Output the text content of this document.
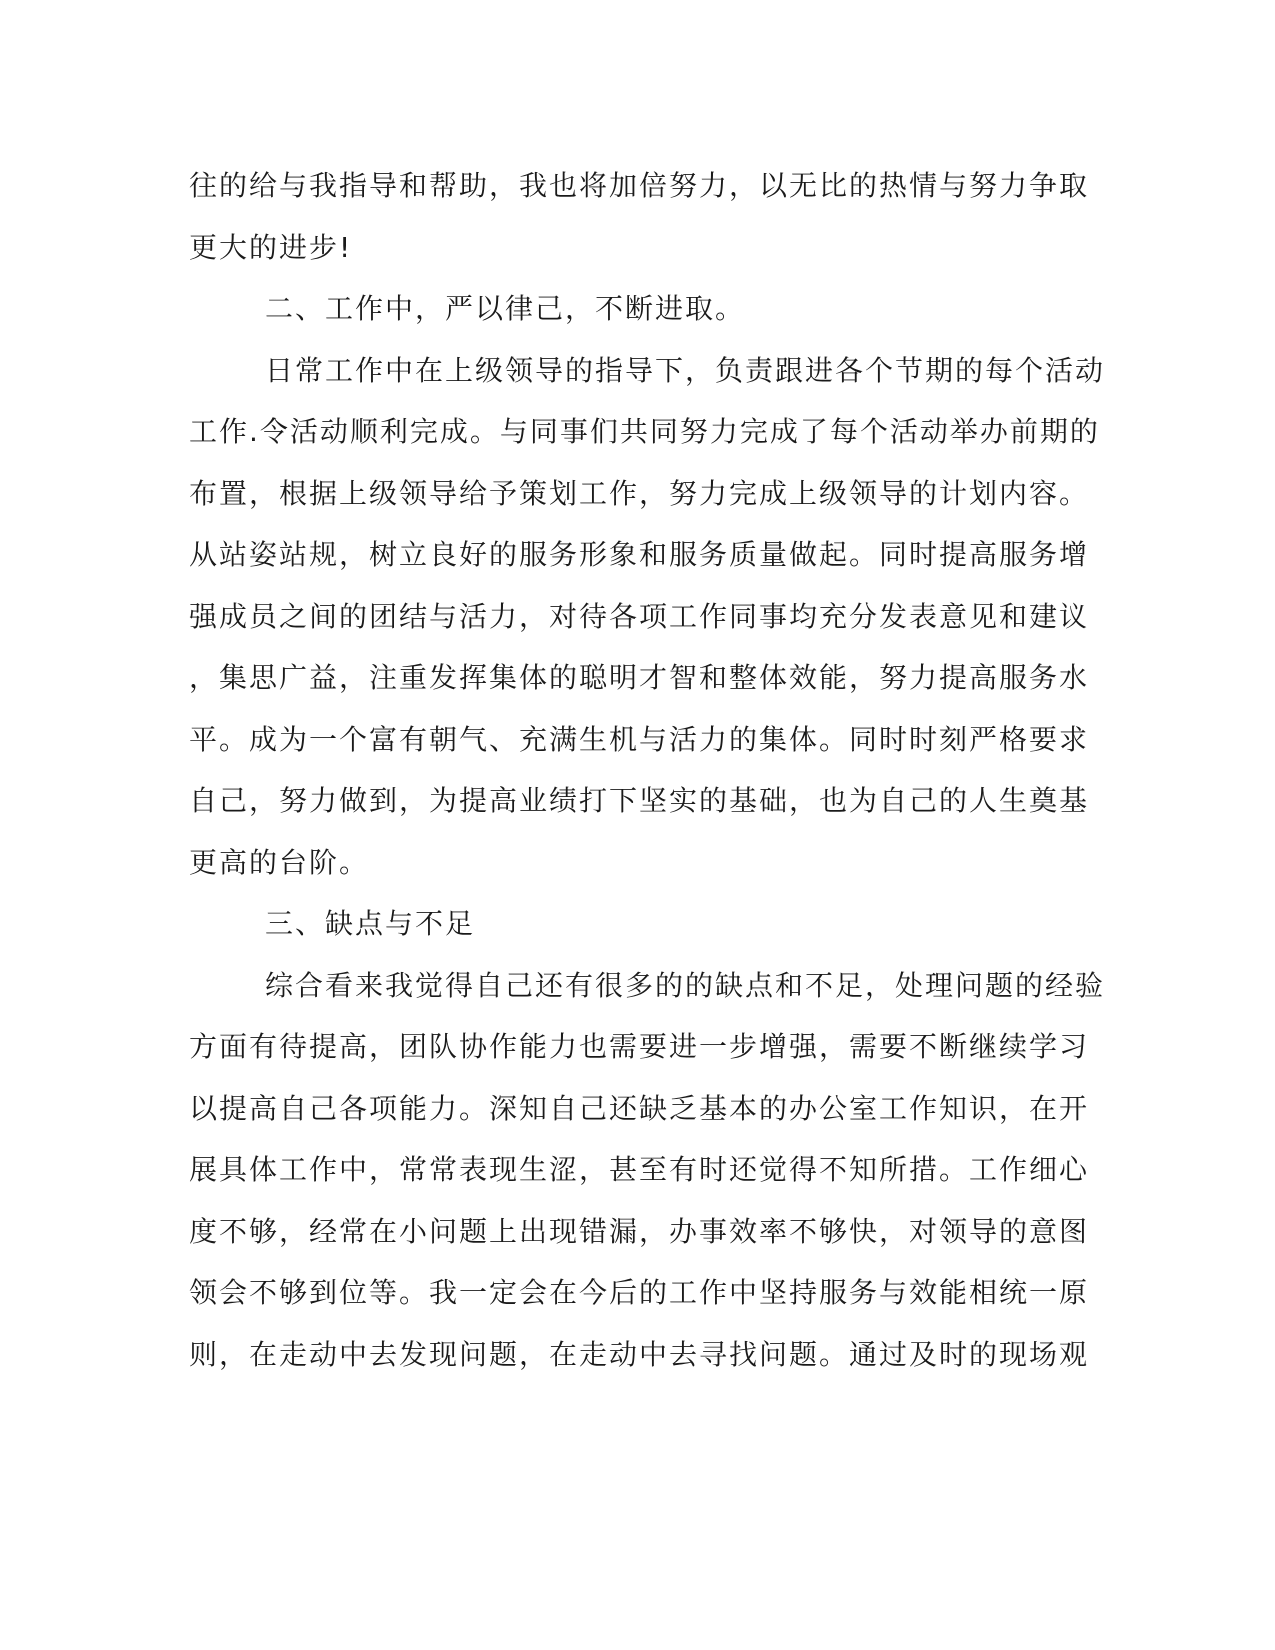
往的给与我指导和帮助，我也将加倍努力，以无比的热情与努力争取
更大的进步!
二、工作中，严以律己，不断进取。
日常工作中在上级领导的指导下，负责跟进各个节期的每个活动
工作.令活动顺利完成。与同事们共同努力完成了每个活动举办前期的
布置，根据上级领导给予策划工作，努力完成上级领导的计划内容。
从站姿站规，树立良好的服务形象和服务质量做起。同时提高服务增
强成员之间的团结与活力，对待各项工作同事均充分发表意见和建议
，集思广益，注重发挥集体的聪明才智和整体效能，努力提高服务水
平。成为一个富有朝气、充满生机与活力的集体。同时时刻严格要求
自己，努力做到，为提高业绩打下坚实的基础，也为自己的人生奠基
更高的台阶。
三、缺点与不足
综合看来我觉得自己还有很多的的缺点和不足，处理问题的经验
方面有待提高，团队协作能力也需要进一步增强，需要不断继续学习
以提高自己各项能力。深知自己还缺乏基本的办公室工作知识，在开
展具体工作中，常常表现生涩，甚至有时还觉得不知所措。工作细心
度不够，经常在小问题上出现错漏，办事效率不够快，对领导的意图
领会不够到位等。我一定会在今后的工作中坚持服务与效能相统一原
则，在走动中去发现问题，在走动中去寻找问题。通过及时的现场观
